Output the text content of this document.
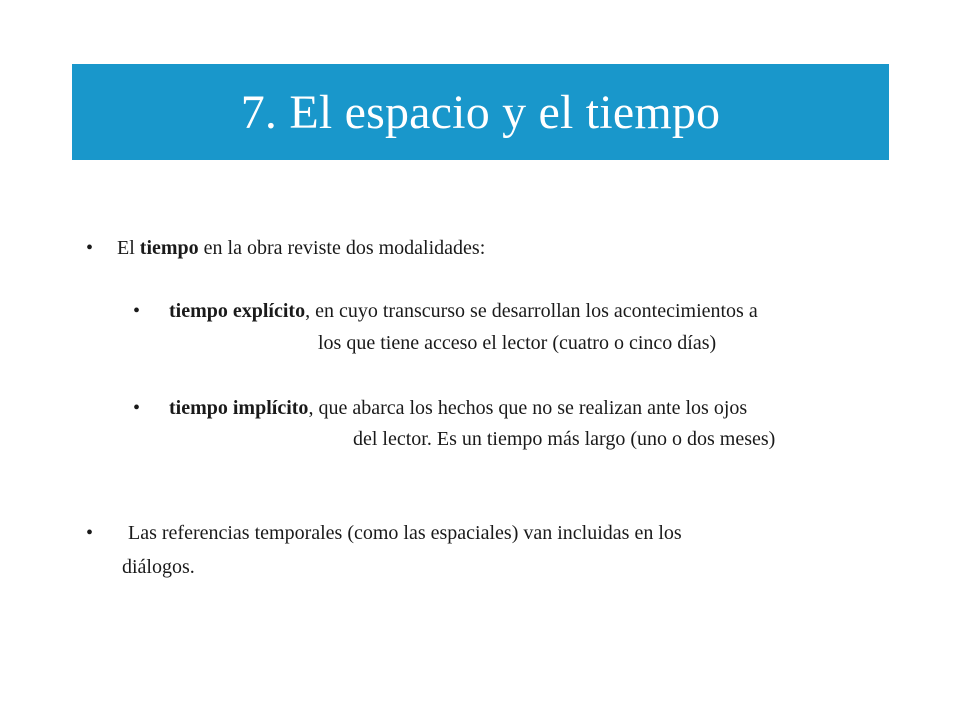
7. El espacio y el tiempo
• El tiempo en la obra reviste dos modalidades:
• tiempo explícito, en cuyo transcurso se desarrollan los acontecimientos a
los que tiene acceso el lector (cuatro o cinco días)
• tiempo implícito, que abarca los hechos que no se realizan ante los ojos
del lector. Es un tiempo más largo (uno o dos meses)
• Las referencias temporales (como las espaciales) van incluidas en los
diálogos.
